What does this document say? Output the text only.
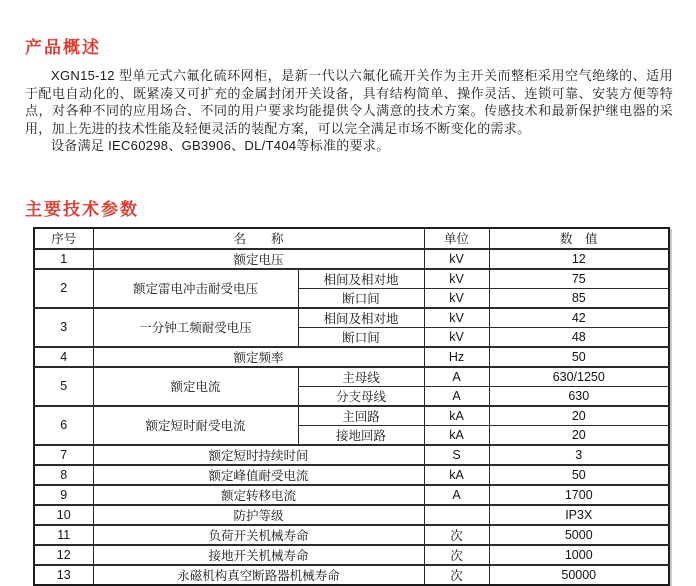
产品概述

XGN15-12 型单元式六氟化硫环网柜，是新一代以六氟化硫开关作为主开关而整柜采用空气绝缘的、适用于配电自动化的、既紧凑又可扩充的金属封闭开关设备，具有结构简单、操作灵活、连锁可靠、安装方便等特点，对各种不同的应用场合、不同的用户要求均能提供令人满意的技术方案。传感技术和最新保护继电器的采用，加上先进的技术性能及轻便灵活的装配方案，可以完全满足市场不断变化的需求。

设备满足 IEC60298、GB3906、DL/T404等标准的要求。

主要技术参数
序号	名　　称		单位	数　值
1	额定电压		kV	12
2	额定雷电冲击耐受电压	相间及相对地	kV	75
		断口间	kV	85
3	一分钟工频耐受电压	相间及相对地	kV	42
		断口间	kV	48
4	额定频率		Hz	50
5	额定电流	主母线	A	630/1250
		分支母线	A	630
6	额定短时耐受电流	主回路	kA	20
		接地回路	kA	20
7	额定短时持续时间		S	3
8	额定峰值耐受电流		kA	50
9	额定转移电流		A	1700
10	防护等级			IP3X
11	负荷开关机械寿命		次	5000
12	接地开关机械寿命		次	1000
13	永磁机构真空断路器机械寿命		次	50000
